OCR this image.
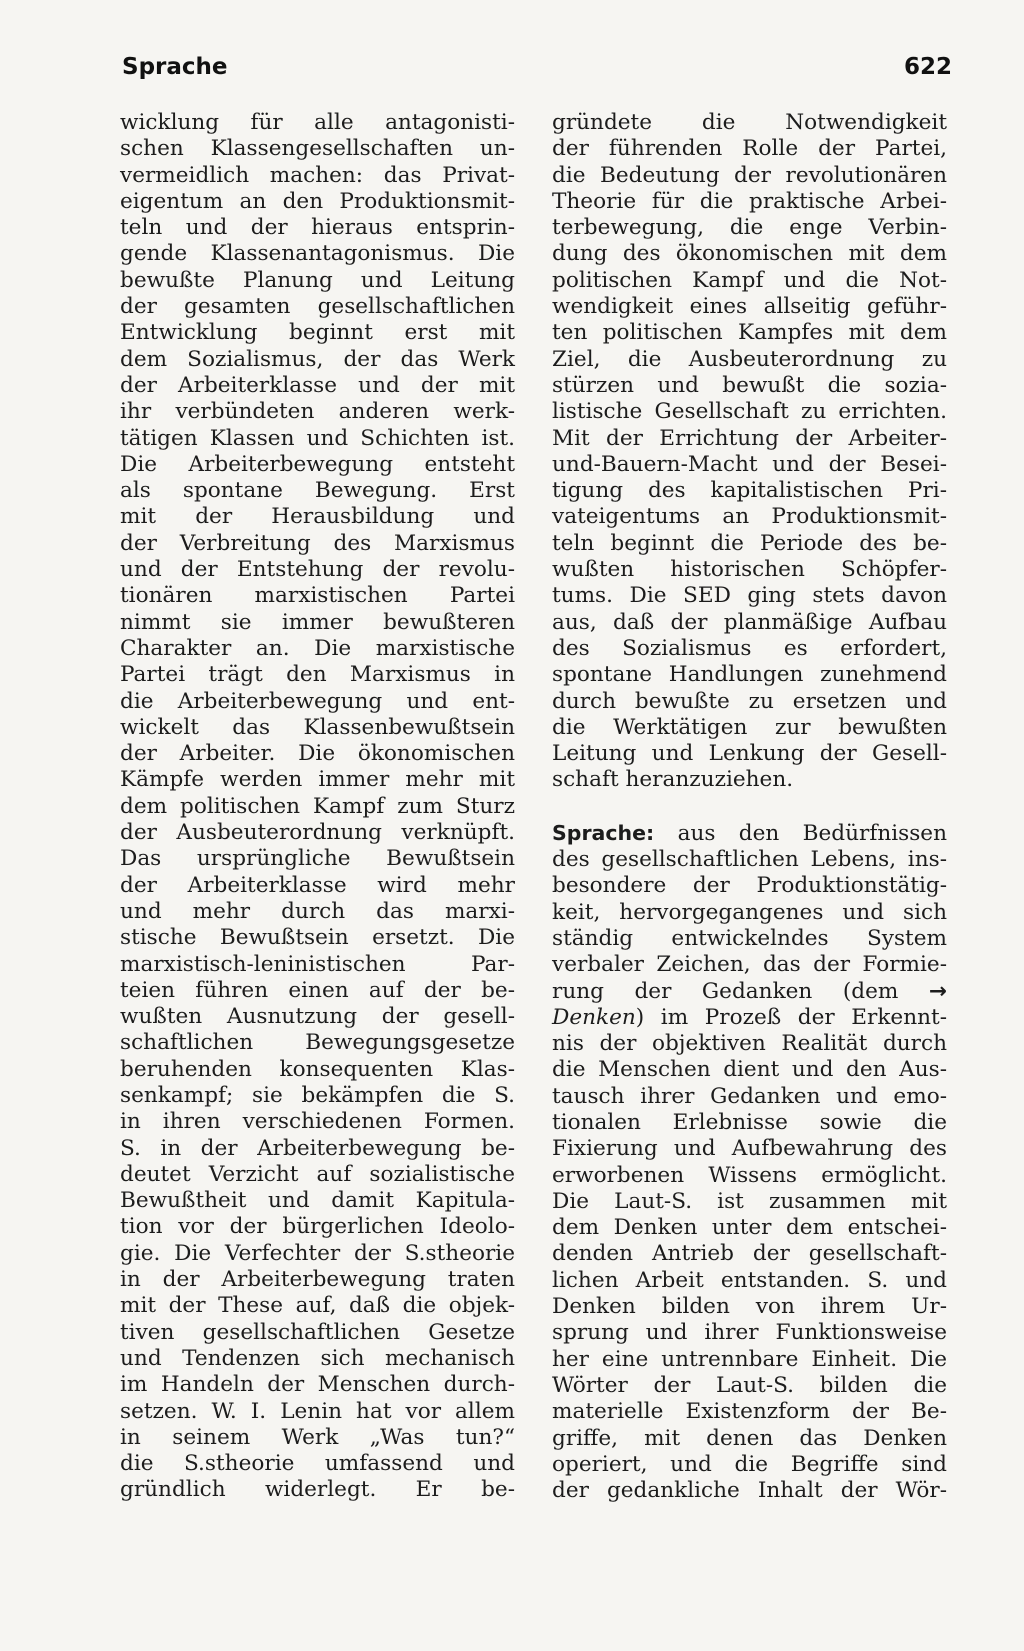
Sprache	622
wicklung für alle antagonisti-
schen Klassengesellschaften un-
vermeidlich machen: das Privat-
eigentum an den Produktionsmit-
teln und der hieraus entsprin-
gende Klassenantagonismus. Die
bewußte Planung und Leitung
der gesamten gesellschaftlichen
Entwicklung beginnt erst mit
dem Sozialismus, der das Werk
der Arbeiterklasse und der mit
ihr verbündeten anderen werk-
tätigen Klassen und Schichten ist.
Die Arbeiterbewegung entsteht
als spontane Bewegung. Erst
mit der Herausbildung und
der Verbreitung des Marxismus
und der Entstehung der revolu-
tionären marxistischen Partei
nimmt sie immer bewußteren
Charakter an. Die marxistische
Partei trägt den Marxismus in
die Arbeiterbewegung und ent-
wickelt das Klassenbewußtsein
der Arbeiter. Die ökonomischen
Kämpfe werden immer mehr mit
dem politischen Kampf zum Sturz
der Ausbeuterordnung verknüpft.
Das ursprüngliche Bewußtsein
der Arbeiterklasse wird mehr
und mehr durch das marxi-
stische Bewußtsein ersetzt. Die
marxistisch-leninistischen Par-
teien führen einen auf der be-
wußten Ausnutzung der gesell-
schaftlichen Bewegungsgesetze
beruhenden konsequenten Klas-
senkampf; sie bekämpfen die S.
in ihren verschiedenen Formen.
S. in der Arbeiterbewegung be-
deutet Verzicht auf sozialistische
Bewußtheit und damit Kapitula-
tion vor der bürgerlichen Ideolo-
gie. Die Verfechter der S.stheorie
in der Arbeiterbewegung traten
mit der These auf, daß die objek-
tiven gesellschaftlichen Gesetze
und Tendenzen sich mechanisch
im Handeln der Menschen durch-
setzen. W. I. Lenin hat vor allem
in seinem Werk „Was tun?“
die S.stheorie umfassend und
gründlich widerlegt. Er be-
gründete die Notwendigkeit
der führenden Rolle der Partei,
die Bedeutung der revolutionären
Theorie für die praktische Arbei-
terbewegung, die enge Verbin-
dung des ökonomischen mit dem
politischen Kampf und die Not-
wendigkeit eines allseitig geführ-
ten politischen Kampfes mit dem
Ziel, die Ausbeuterordnung zu
stürzen und bewußt die sozia-
listische Gesellschaft zu errichten.
Mit der Errichtung der Arbeiter-
und-Bauern-Macht und der Besei-
tigung des kapitalistischen Pri-
vateigentums an Produktionsmit-
teln beginnt die Periode des be-
wußten historischen Schöpfer-
tums. Die SED ging stets davon
aus, daß der planmäßige Aufbau
des Sozialismus es erfordert,
spontane Handlungen zunehmend
durch bewußte zu ersetzen und
die Werktätigen zur bewußten
Leitung und Lenkung der Gesell-
schaft heranzuziehen.
Sprache: aus den Bedürfnissen
des gesellschaftlichen Lebens, ins-
besondere der Produktionstätig-
keit, hervorgegangenes und sich
ständig entwickelndes System
verbaler Zeichen, das der Formie-
rung der Gedanken (dem →
Denken) im Prozeß der Erkennt-
nis der objektiven Realität durch
die Menschen dient und den Aus-
tausch ihrer Gedanken und emo-
tionalen Erlebnisse sowie die
Fixierung und Aufbewahrung des
erworbenen Wissens ermöglicht.
Die Laut-S. ist zusammen mit
dem Denken unter dem entschei-
denden Antrieb der gesellschaft-
lichen Arbeit entstanden. S. und
Denken bilden von ihrem Ur-
sprung und ihrer Funktionsweise
her eine untrennbare Einheit. Die
Wörter der Laut-S. bilden die
materielle Existenzform der Be-
griffe, mit denen das Denken
operiert, und die Begriffe sind
der gedankliche Inhalt der Wör-
